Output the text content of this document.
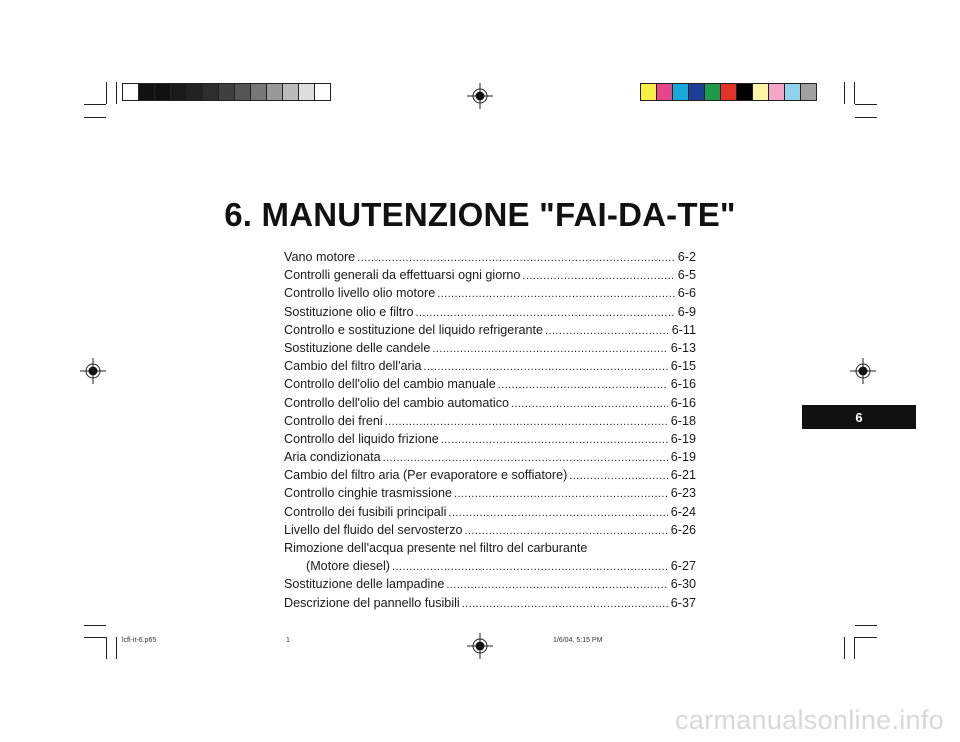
6. MANUTENZIONE "FAI-DA-TE"
Vano motore .....	6-2
Controlli generali da effettuarsi ogni giorno .....	6-5
Controllo livello olio motore .....	6-6
Sostituzione olio e filtro .....	6-9
Controllo e sostituzione del liquido refrigerante .....	6-11
Sostituzione delle candele .....	6-13
Cambio del filtro dell'aria .....	6-15
Controllo dell'olio del cambio manuale .....	6-16
Controllo dell'olio del cambio automatico .....	6-16
Controllo dei freni .....	6-18
Controllo del liquido frizione .....	6-19
Aria condizionata .....	6-19
Cambio del filtro aria (Per evaporatore e soffiatore) .....	6-21
Controllo cinghie trasmissione .....	6-23
Controllo dei fusibili principali .....	6-24
Livello del fluido del servosterzo .....	6-26
Rimozione dell'acqua presente nel filtro del carburante
(Motore diesel) .....	6-27
Sostituzione delle lampadine .....	6-30
Descrizione del pannello fusibili .....	6-37
6
lcfl-it-6.p65	1	1/6/04, 5:15 PM
carmanualsonline.info
